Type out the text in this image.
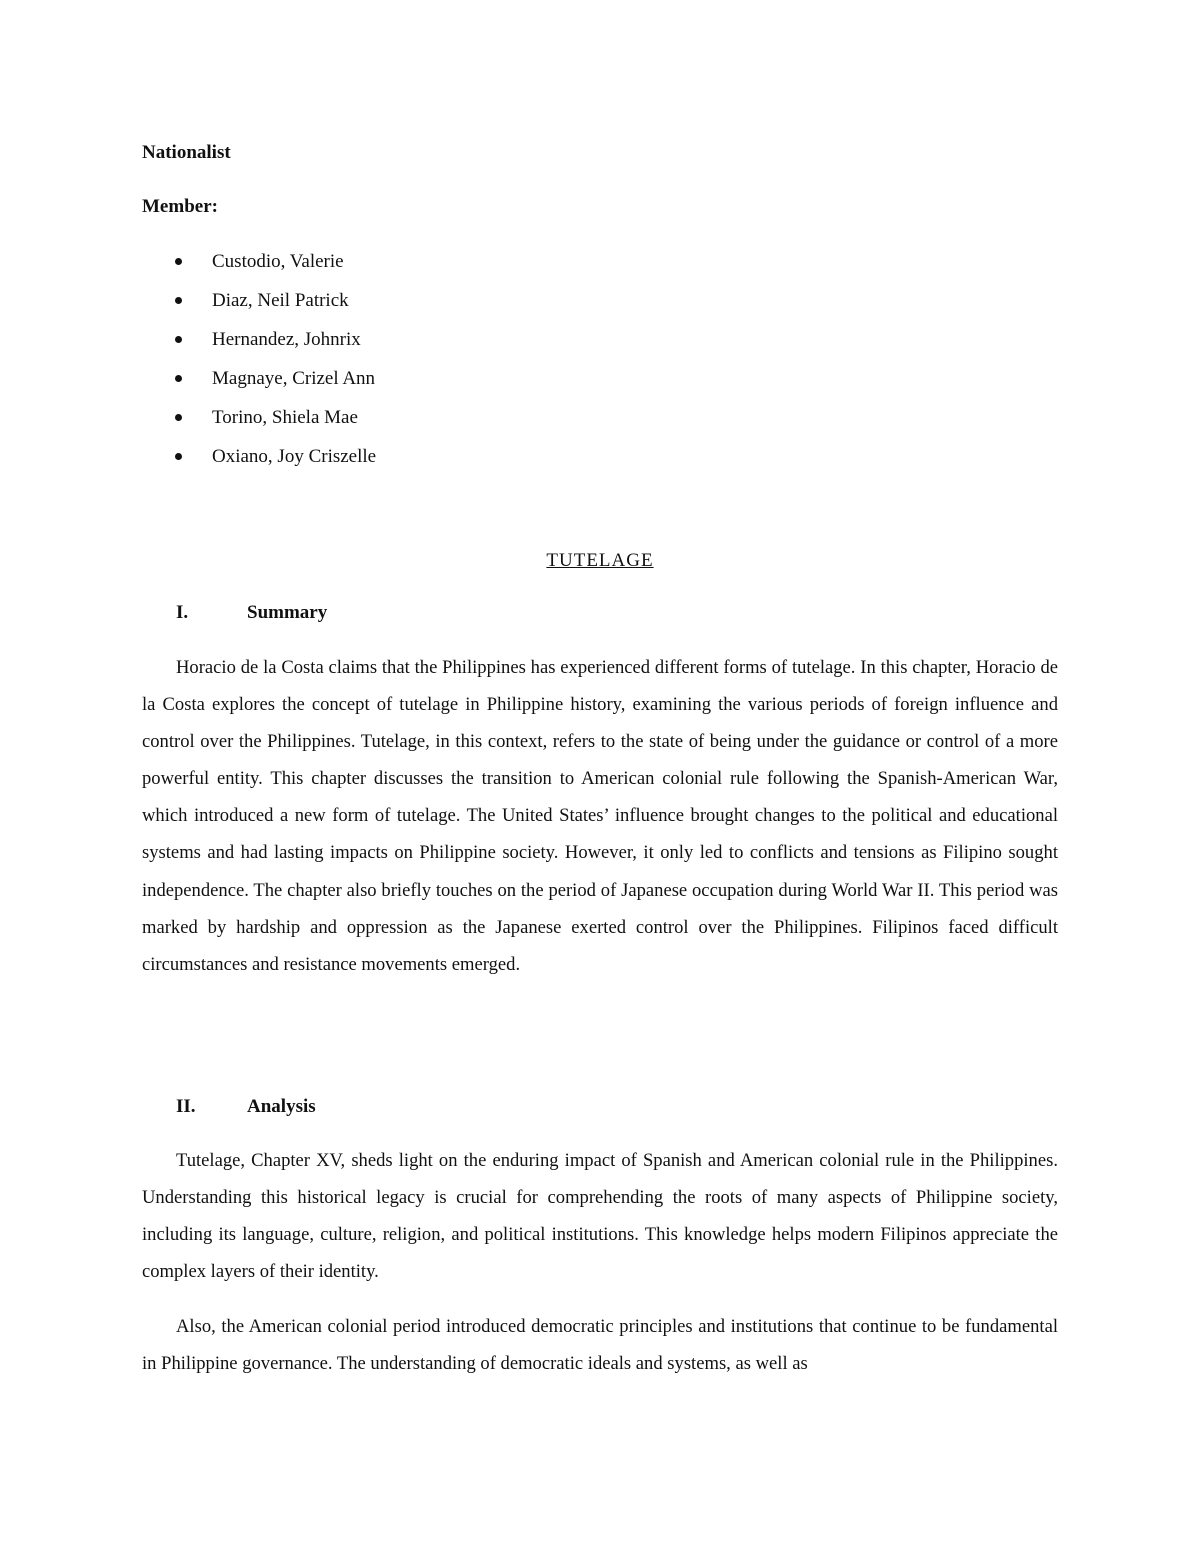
Nationalist

Member:

Custodio, Valerie
Diaz, Neil Patrick
Hernandez, Johnrix
Magnaye, Crizel Ann
Torino, Shiela Mae
Oxiano, Joy Criszelle
TUTELAGE
I.	Summary

Horacio de la Costa claims that the Philippines has experienced different forms of tutelage. In this chapter, Horacio de la Costa explores the concept of tutelage in Philippine history, examining the various periods of foreign influence and control over the Philippines. Tutelage, in this context, refers to the state of being under the guidance or control of a more powerful entity. This chapter discusses the transition to American colonial rule following the Spanish-American War, which introduced a new form of tutelage. The United States’ influence brought changes to the political and educational systems and had lasting impacts on Philippine society. However, it only led to conflicts and tensions as Filipino sought independence. The chapter also briefly touches on the period of Japanese occupation during World War II. This period was marked by hardship and oppression as the Japanese exerted control over the Philippines. Filipinos faced difficult circumstances and resistance movements emerged.

II.	Analysis

Tutelage, Chapter XV, sheds light on the enduring impact of Spanish and American colonial rule in the Philippines. Understanding this historical legacy is crucial for comprehending the roots of many aspects of Philippine society, including its language, culture, religion, and political institutions. This knowledge helps modern Filipinos appreciate the complex layers of their identity.

Also, the American colonial period introduced democratic principles and institutions that continue to be fundamental in Philippine governance. The understanding of democratic ideals and systems, as well as
